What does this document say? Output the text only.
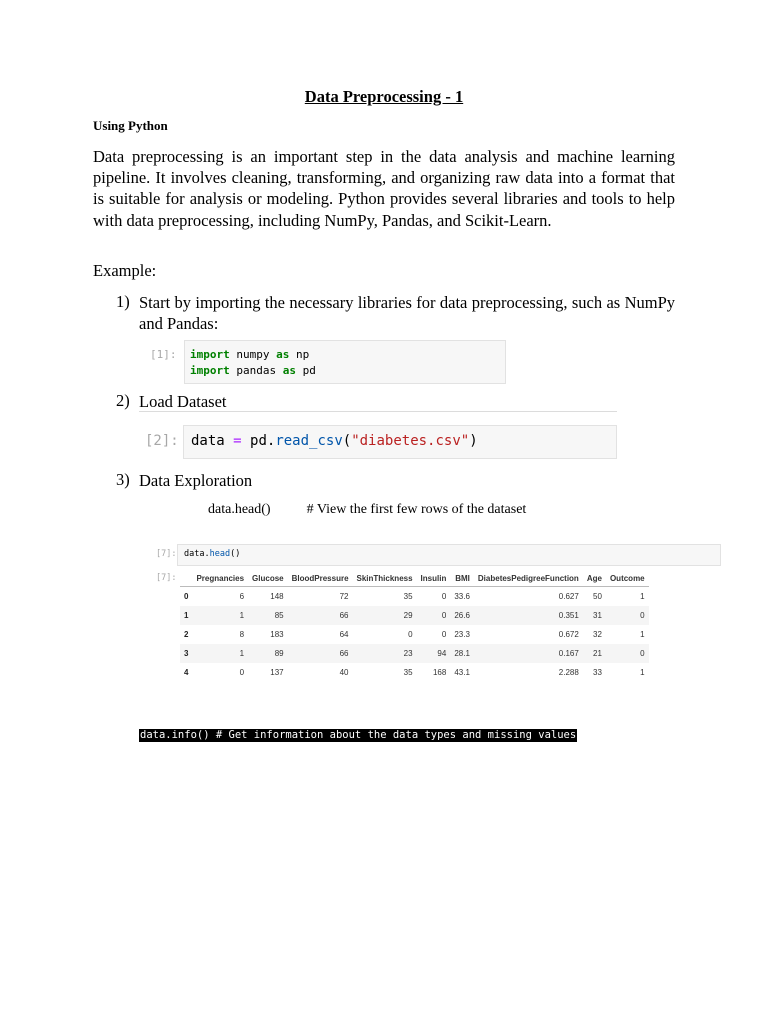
Data Preprocessing - 1
Using Python
Data preprocessing is an important step in the data analysis and machine learning pipeline. It involves cleaning, transforming, and organizing raw data into a format that is suitable for analysis or modeling. Python provides several libraries and tools to help with data preprocessing, including NumPy, Pandas, and Scikit-Learn.
Example:
1) Start by importing the necessary libraries for data preprocessing, such as NumPy and Pandas:
[1]: import numpy as np
import pandas as pd
2) Load Dataset
[2]: data = pd.read_csv("diabetes.csv")
3) Data Exploration
data.head()	# View the first few rows of the dataset
[7]: data.head()
[7]:
	Pregnancies	Glucose	BloodPressure	SkinThickness	Insulin	BMI	DiabetesPedigreeFunction	Age	Outcome
0	6	148	72	35	0	33.6	0.627	50	1
1	1	85	66	29	0	26.6	0.351	31	0
2	8	183	64	0	0	23.3	0.672	32	1
3	1	89	66	23	94	28.1	0.167	21	0
4	0	137	40	35	168	43.1	2.288	33	1
data.info() # Get information about the data types and missing values
